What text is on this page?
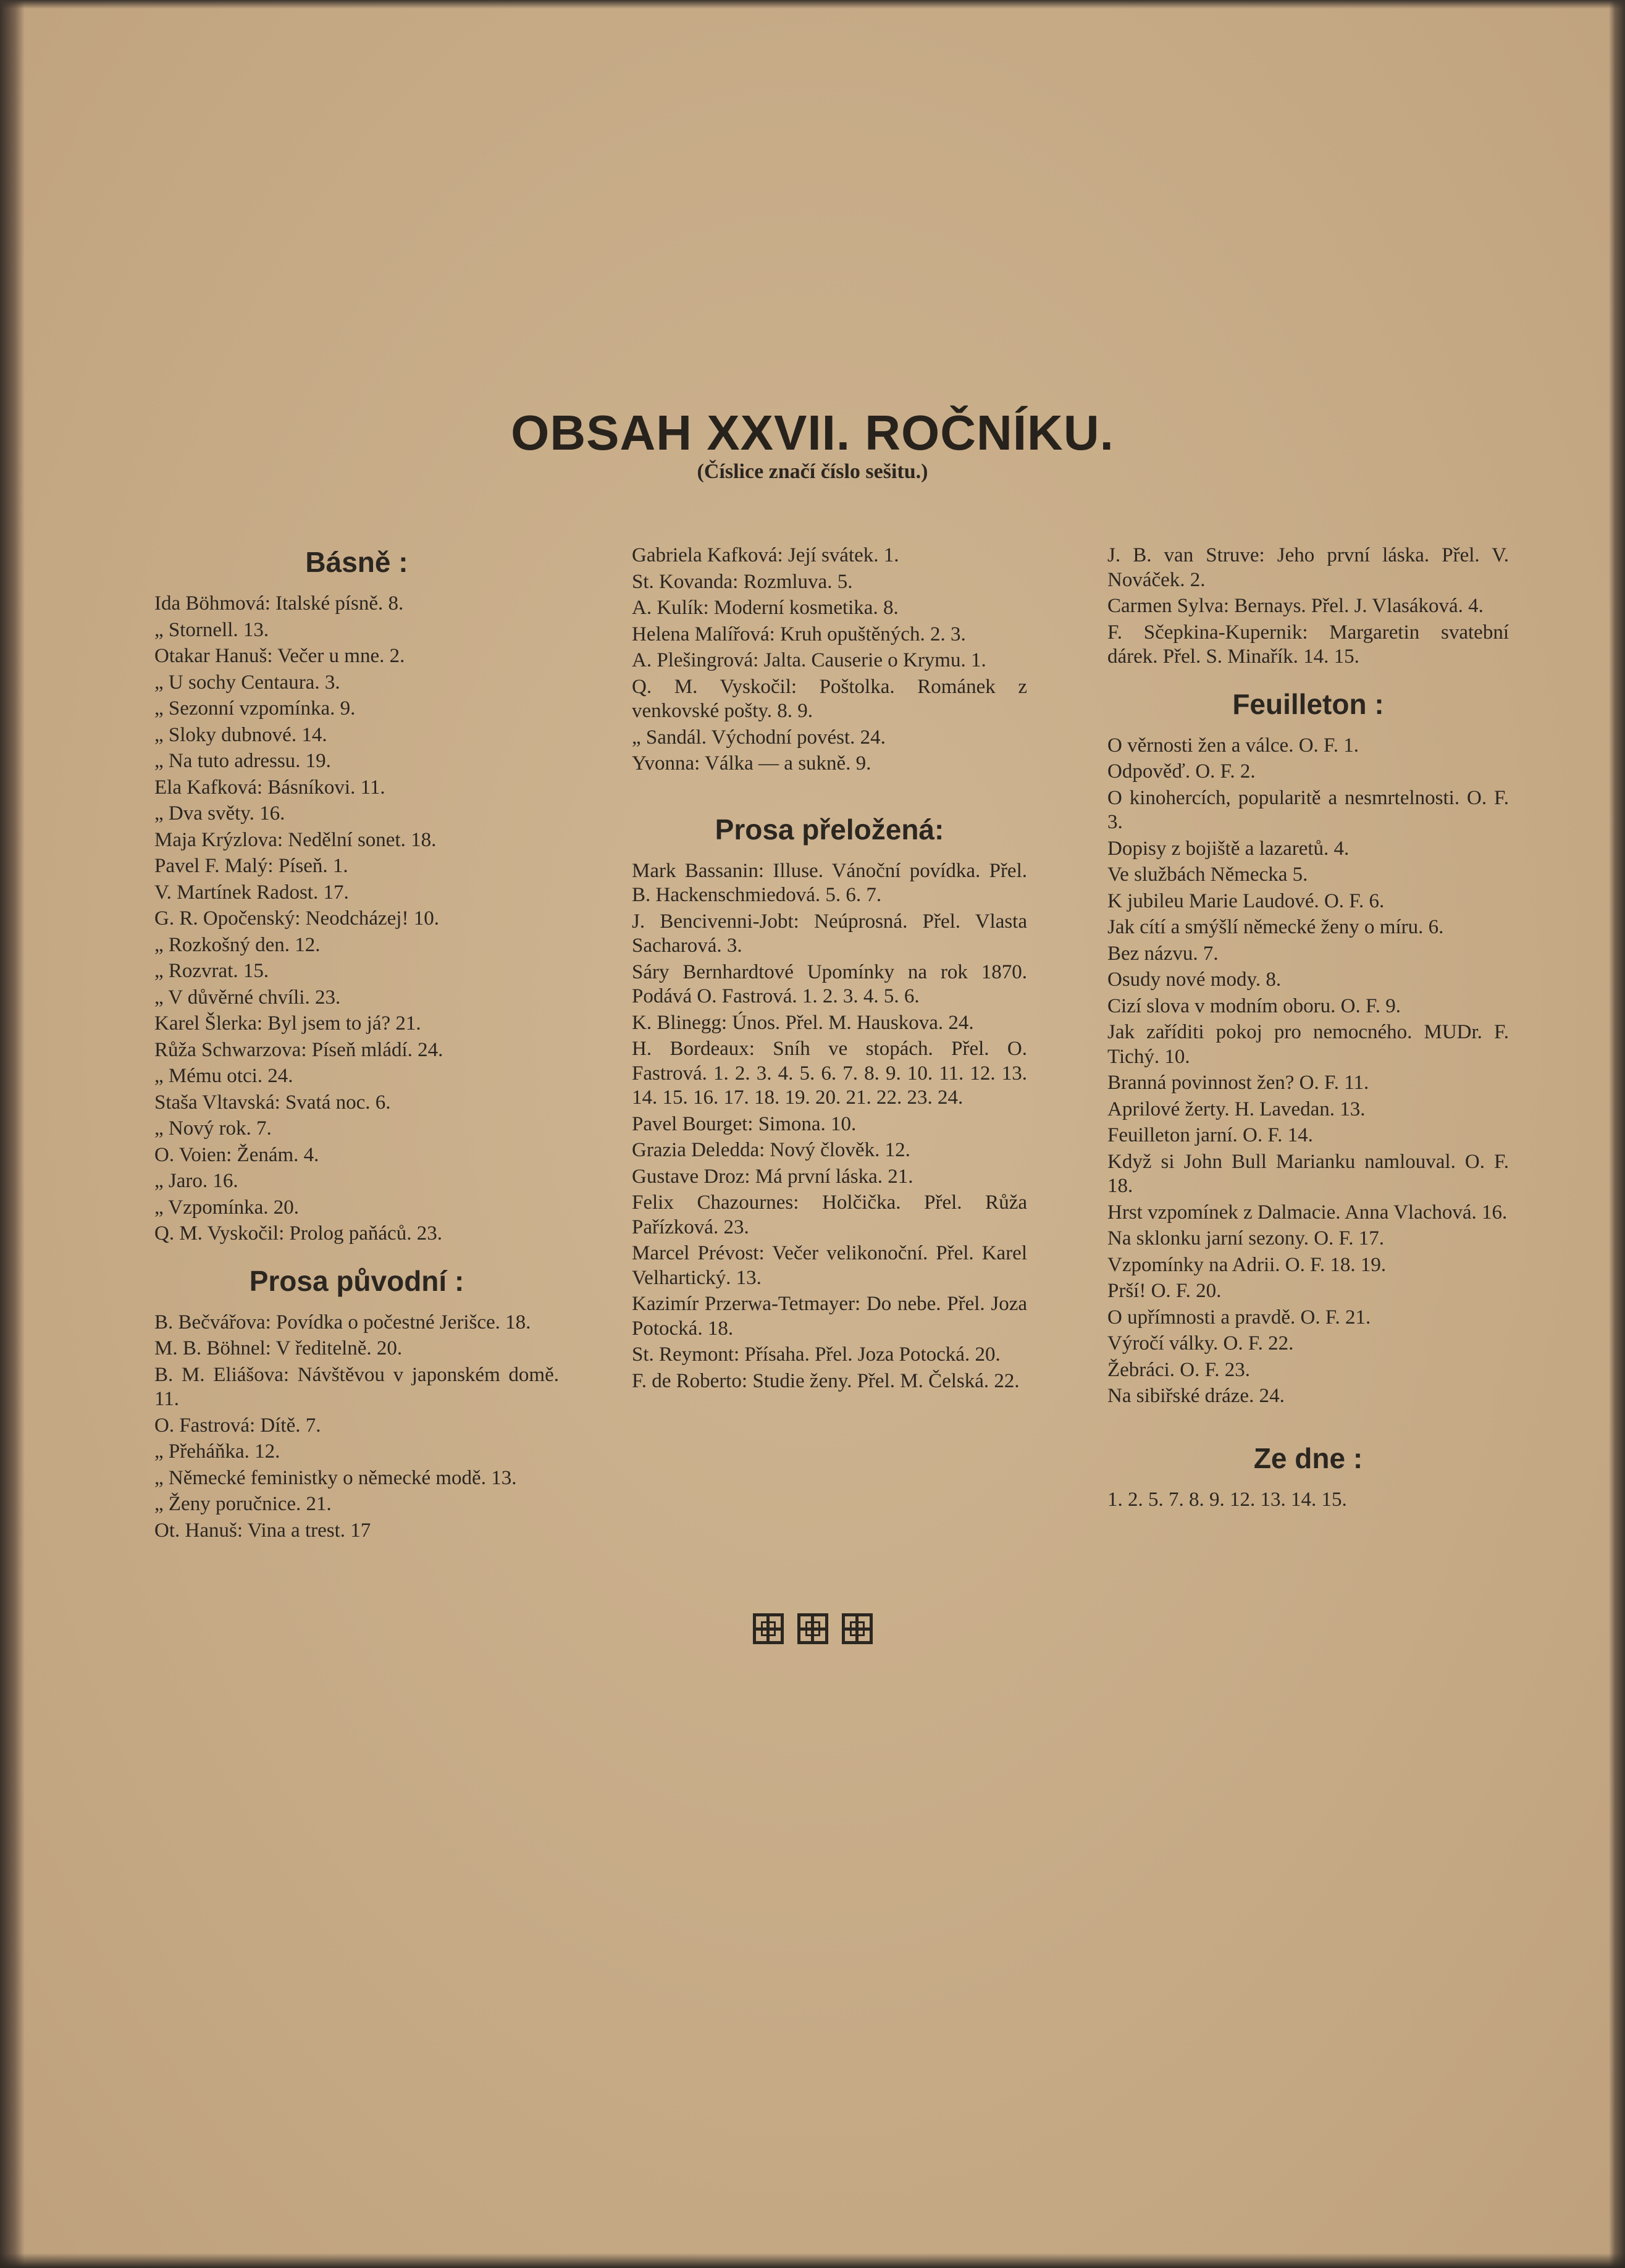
OBSAH XXVII. ROČNÍKU.
(Číslice značí číslo sešitu.)
Básně :
Ida Böhmová: Italské písně. 8.
„ Stornell. 13.
Otakar Hanuš: Večer u mne. 2.
„ U sochy Centaura. 3.
„ Sezonní vzpomínka. 9.
„ Sloky dubnové. 14.
„ Na tuto adressu. 19.
Ela Kafková: Básníkovi. 11.
„ Dva světy. 16.
Maja Krýzlova: Nedělní sonet. 18.
Pavel F. Malý: Píseň. 1.
V. Martínek Radost. 17.
G. R. Opočenský: Neodcházej! 10.
„ Rozkošný den. 12.
„ Rozvrat. 15.
„ V důvěrné chvíli. 23.
Karel Šlerka: Byl jsem to já? 21.
Růža Schwarzova: Píseň mládí. 24.
„ Mému otci. 24.
Staša Vltavská: Svatá noc. 6.
„ Nový rok. 7.
O. Voien: Ženám. 4.
„ Jaro. 16.
„ Vzpomínka. 20.
Q. M. Vyskočil: Prolog paňáců. 23.
Prosa původní :
B. Bečvářova: Povídka o počestné Jerišce. 18.
M. B. Böhnel: V ředitelně. 20.
B. M. Eliášova: Návštěvou v japonském domě. 11.
O. Fastrová: Dítě. 7.
„ Přeháňka. 12.
„ Německé feministky o německé modě. 13.
„ Ženy poručnice. 21.
Ot. Hanuš: Vina a trest. 17
Gabriela Kafková: Její svátek. 1.
St. Kovanda: Rozmluva. 5.
A. Kulík: Moderní kosmetika. 8.
Helena Malířová: Kruh opuštěných. 2. 3.
A. Plešingrová: Jalta. Causerie o Krymu. 1.
Q. M. Vyskočil: Poštolka. Románek z venkovské pošty. 8. 9.
„ Sandál. Východní povést. 24.
Yvonna: Válka — a sukně. 9.
Prosa přeložená:
Mark Bassanin: Illuse. Vánoční povídka. Přel. B. Hackenschmiedová. 5. 6. 7.
J. Bencivenni-Jobt: Neúprosná. Přel. Vlasta Sacharová. 3.
Sáry Bernhardtové Upomínky na rok 1870. Podává O. Fastrová. 1. 2. 3. 4. 5. 6.
K. Blinegg: Únos. Přel. M. Hauskova. 24.
H. Bordeaux: Sníh ve stopách. Přel. O. Fastrová. 1. 2. 3. 4. 5. 6. 7. 8. 9. 10. 11. 12. 13. 14. 15. 16. 17. 18. 19. 20. 21. 22. 23. 24.
Pavel Bourget: Simona. 10.
Grazia Deledda: Nový člověk. 12.
Gustave Droz: Má první láska. 21.
Felix Chazournes: Holčička. Přel. Růža Pařízková. 23.
Marcel Prévost: Večer velikonoční. Přel. Karel Velhartický. 13.
Kazimír Przerwa-Tetmayer: Do nebe. Přel. Joza Potocká. 18.
St. Reymont: Přísaha. Přel. Joza Potocká. 20.
F. de Roberto: Studie ženy. Přel. M. Čelská. 22.
J. B. van Struve: Jeho první láska. Přel. V. Nováček. 2.
Carmen Sylva: Bernays. Přel. J. Vlasáková. 4.
F. Sčepkina-Kupernik: Margaretin svatební dárek. Přel. S. Minařík. 14. 15.
Feuilleton :
O věrnosti žen a válce. O. F. 1.
Odpověď. O. F. 2.
O kinohercích, popularitě a nesmrtelnosti. O. F. 3.
Dopisy z bojiště a lazaretů. 4.
Ve službách Německa 5.
K jubileu Marie Laudové. O. F. 6.
Jak cítí a smýšlí německé ženy o míru. 6.
Bez názvu. 7.
Osudy nové mody. 8.
Cizí slova v modním oboru. O. F. 9.
Jak zaříditi pokoj pro nemocného. MUDr. F. Tichý. 10.
Branná povinnost žen? O. F. 11.
Aprilové žerty. H. Lavedan. 13.
Feuilleton jarní. O. F. 14.
Když si John Bull Marianku namlouval. O. F. 18.
Hrst vzpomínek z Dalmacie. Anna Vlachová. 16.
Na sklonku jarní sezony. O. F. 17.
Vzpomínky na Adrii. O. F. 18. 19.
Prší! O. F. 20.
O upřímnosti a pravdě. O. F. 21.
Výročí války. O. F. 22.
Žebráci. O. F. 23.
Na sibiřské dráze. 24.
Ze dne :
1. 2. 5. 7. 8. 9. 12. 13. 14. 15.
